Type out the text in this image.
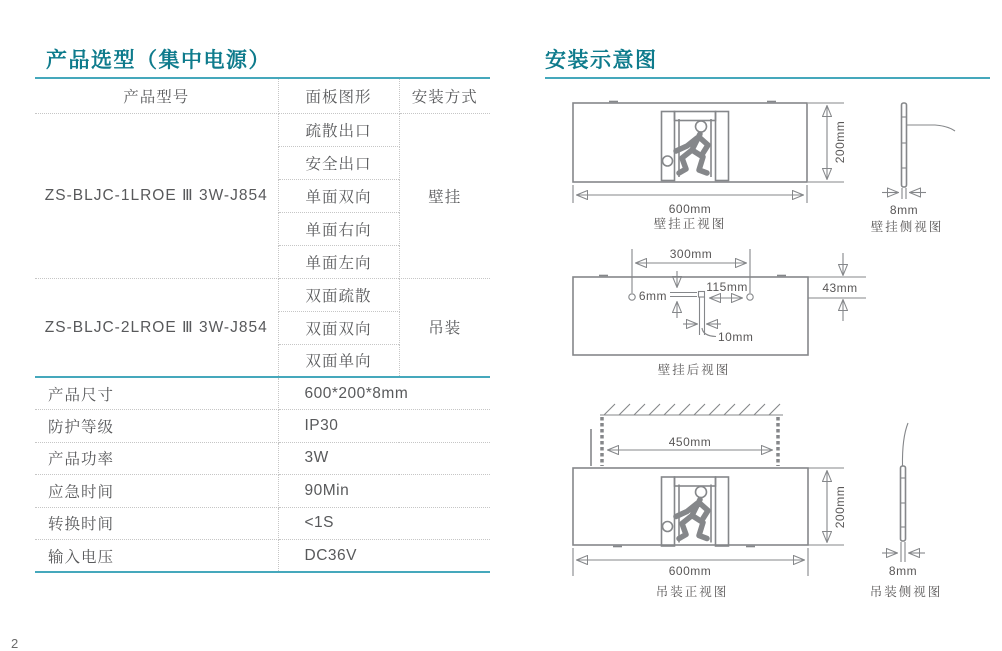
产品选型（集中电源）	安装示意图
产品型号	面板图形	安装方式
ZS-BLJC-1LROE Ⅲ 3W-J854	疏散出口	壁挂
	安全出口	
	单面双向	
	单面右向	
	单面左向	
ZS-BLJC-2LROE Ⅲ 3W-J854	双面疏散	吊装
	双面双向	
	双面单向	
产品尺寸	600*200*8mm	
防护等级	IP30	
产品功率	3W	
应急时间	90Min	
转换时间	<1S	
输入电压	DC36V	
200mm
600mm
壁挂正视图
8mm
壁挂侧视图
300mm
6mm
115mm
10mm
43mm
壁挂后视图
450mm
200mm
600mm
吊装正视图
8mm
吊装侧视图
2
